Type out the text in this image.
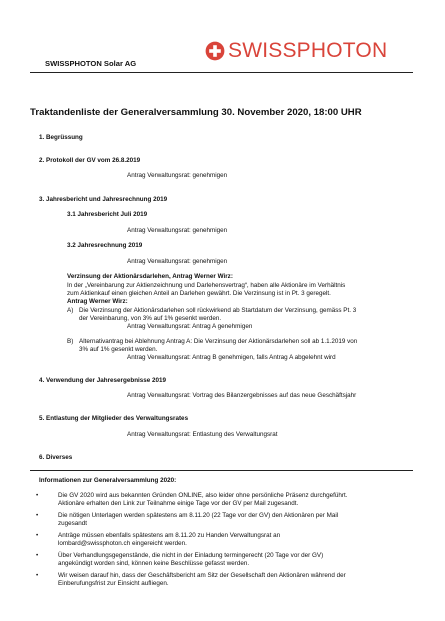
SWISSPHOTON
SWISSPHOTON Solar AG
Traktandenliste der Generalversammlung 30. November 2020, 18:00 UHR
1. Begrüssung
2. Protokoll der GV vom 26.8.2019
Antrag Verwaltungsrat: genehmigen
3. Jahresbericht und Jahresrechnung 2019
3.1 Jahresbericht Juli 2019
Antrag Verwaltungsrat: genehmigen
3.2 Jahresrechnung 2019
Antrag Verwaltungsrat: genehmigen
Verzinsung der Aktionärsdarlehen, Antrag Werner Wirz:
In der „Vereinbarung zur Aktienzeichnung und Darlehensvertrag“, haben alle Aktionäre im Verhältnis
zum Aktienkauf einen gleichen Anteil an Darlehen gewährt. Die Verzinsung ist in Pt. 3 geregelt.
Antrag Werner Wirz:
A) Die Verzinsung der Aktionärsdarlehen soll rückwirkend ab Startdatum der Verzinsung, gemäss Pt. 3
der Vereinbarung, von 3% auf 1% gesenkt werden.
Antrag Verwaltungsrat: Antrag A genehmigen
B) Alternativantrag bei Ablehnung Antrag A: Die Verzinsung der Aktionärsdarlehen soll ab 1.1.2019 von
3% auf 1% gesenkt werden.
Antrag Verwaltungsrat: Antrag B genehmigen, falls Antrag A abgelehnt wird
4. Verwendung der Jahresergebnisse 2019
Antrag Verwaltungsrat: Vortrag des Bilanzergebnisses auf das neue Geschäftsjahr
5. Entlastung der Mitglieder des Verwaltungsrates
Antrag Verwaltungsrat: Entlastung des Verwaltungsrat
6. Diverses
Informationen zur Generalversammlung 2020:
•	Die GV 2020 wird aus bekannten Gründen ONLINE, also leider ohne persönliche Präsenz durchgeführt.
Aktionäre erhalten den Link zur Teilnahme einige Tage vor der GV per Mail zugesandt.
•	Die nötigen Unterlagen werden spätestens am 8.11.20 (22 Tage vor der GV) den Aktionären per Mail
zugesandt
•	Anträge müssen ebenfalls spätestens am 8.11.20 zu Handen Verwaltungsrat an
lombard@swissphoton.ch eingereicht werden.
•	Über Verhandlungsgegenstände, die nicht in der Einladung termingerecht (20 Tage vor der GV)
angekündigt worden sind, können keine Beschlüsse gefasst werden.
•	Wir weisen darauf hin, dass der Geschäftsbericht am Sitz der Gesellschaft den Aktionären während der
Einberufungsfrist zur Einsicht aufliegen.
